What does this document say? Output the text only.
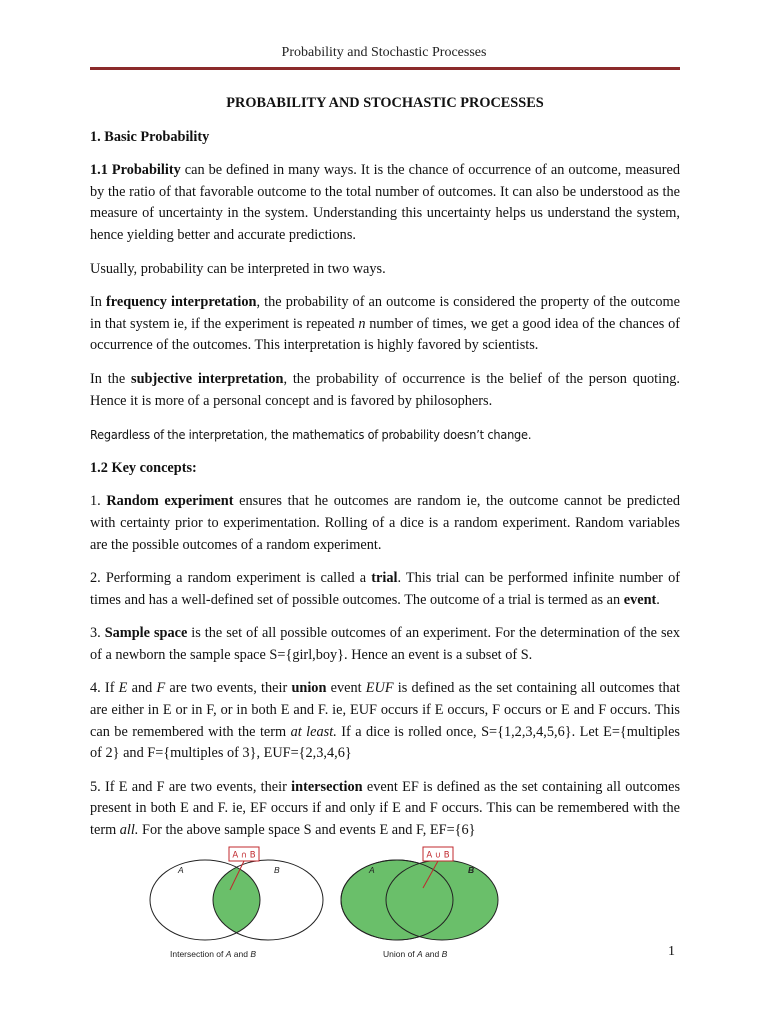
Probability and Stochastic Processes
PROBABILITY AND STOCHASTIC PROCESSES
1. Basic Probability

1.1 Probability can be defined in many ways. It is the chance of occurrence of an outcome, measured by the ratio of that favorable outcome to the total number of outcomes. It can also be understood as the measure of uncertainty in the system. Understanding this uncertainty helps us understand the system, hence yielding better and accurate predictions.

Usually, probability can be interpreted in two ways.

In frequency interpretation, the probability of an outcome is considered the property of the outcome in that system ie, if the experiment is repeated n number of times, we get a good idea of the chances of occurrence of the outcomes. This interpretation is highly favored by scientists.

In the subjective interpretation, the probability of occurrence is the belief of the person quoting. Hence it is more of a personal concept and is favored by philosophers.

Regardless of the interpretation, the mathematics of probability doesn’t change.

1.2 Key concepts:

1. Random experiment ensures that he outcomes are random ie, the outcome cannot be predicted with certainty prior to experimentation. Rolling of a dice is a random experiment. Random variables are the possible outcomes of a random experiment.

2. Performing a random experiment is called a trial. This trial can be performed infinite number of times and has a well-defined set of possible outcomes. The outcome of a trial is termed as an event.

3. Sample space is the set of all possible outcomes of an experiment. For the determination of the sex of a newborn the sample space S={girl,boy}. Hence an event is a subset of S.

4. If E and F are two events, their union event EUF is defined as the set containing all outcomes that are either in E or in F, or in both E and F. ie, EUF occurs if E occurs, F occurs or E and F occurs. This can be remembered with the term at least. If a dice is rolled once, S={1,2,3,4,5,6}. Let E={multiples of 2} and F={multiples of 3}, EUF={2,3,4,6}

5. If E and F are two events, their intersection event EF is defined as the set containing all outcomes present in both E and F. ie, EF occurs if and only if E and F occurs. This can be remembered with the term all. For the above sample space S and events E and F, EF={6}

A	B
A ∩ B
Intersection of A and B
A	B
A ∪ B
Union of A and B	1
